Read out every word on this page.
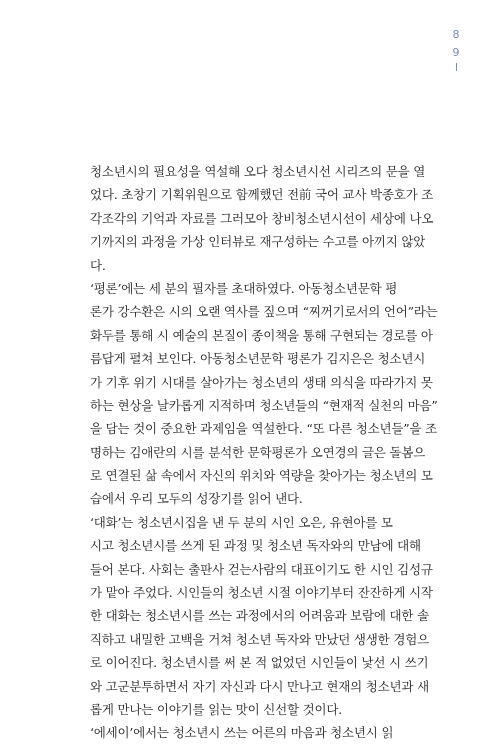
8
9
청소년시의 필요성을 역설해 오다 청소년시선 시리즈의 문을 열
었다. 초창기 기획위원으로 함께했던 전前 국어 교사 박종호가 조
각조각의 기억과 자료를 그러모아 창비청소년시선이 세상에 나오
기까지의 과정을 가상 인터뷰로 재구성하는 수고를 아끼지 않았
다.
‘평론’에는 세 분의 필자를 초대하였다. 아동청소년문학 평
론가 강수환은 시의 오랜 역사를 짚으며 “찌꺼기로서의 언어”라는
화두를 통해 시 예술의 본질이 종이책을 통해 구현되는 경로를 아
름답게 펼쳐 보인다. 아동청소년문학 평론가 김지은은 청소년시
가 기후 위기 시대를 살아가는 청소년의 생태 의식을 따라가지 못
하는 현상을 날카롭게 지적하며 청소년들의 “현재적 실천의 마음”
을 담는 것이 중요한 과제임을 역설한다. “또 다른 청소년들”을 조
명하는 김애란의 시를 분석한 문학평론가 오연경의 글은 돌봄으
로 연결된 삶 속에서 자신의 위치와 역량을 찾아가는 청소년의 모
습에서 우리 모두의 성장기를 읽어 낸다.
‘대화’는 청소년시집을 낸 두 분의 시인 오은, 유현아를 모
시고 청소년시를 쓰게 된 과정 및 청소년 독자와의 만남에 대해
들어 본다. 사회는 출판사 걷는사람의 대표이기도 한 시인 김성규
가 맡아 주었다. 시인들의 청소년 시절 이야기부터 잔잔하게 시작
한 대화는 청소년시를 쓰는 과정에서의 어려움과 보람에 대한 솔
직하고 내밀한 고백을 거쳐 청소년 독자와 만났던 생생한 경험으
로 이어진다. 청소년시를 써 본 적 없었던 시인들이 낯선 시 쓰기
와 고군분투하면서 자기 자신과 다시 만나고 현재의 청소년과 새
롭게 만나는 이야기를 읽는 맛이 신선할 것이다.
‘에세이’에서는 청소년시 쓰는 어른의 마음과 청소년시 읽
